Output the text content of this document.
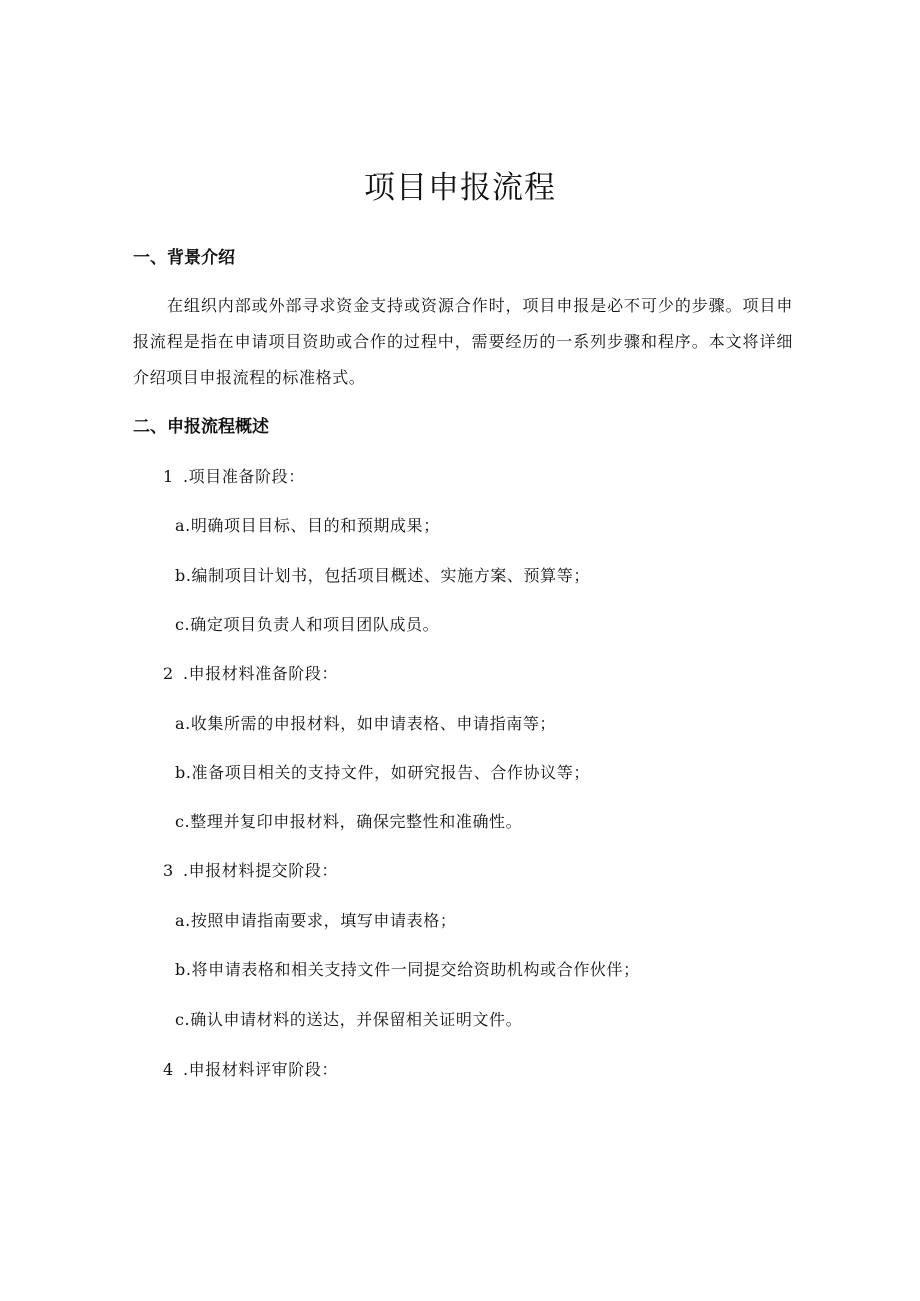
项目申报流程
一、背景介绍

在组织内部或外部寻求资金支持或资源合作时，项目申报是必不可少的步骤。项目申报流程是指在申请项目资助或合作的过程中，需要经历的一系列步骤和程序。本文将详细介绍项目申报流程的标准格式。

二、申报流程概述

1 .项目准备阶段：

a.明确项目目标、目的和预期成果；

b.编制项目计划书，包括项目概述、实施方案、预算等；

c.确定项目负责人和项目团队成员。

2 .申报材料准备阶段：

a.收集所需的申报材料，如申请表格、申请指南等；

b.准备项目相关的支持文件，如研究报告、合作协议等；

c.整理并复印申报材料，确保完整性和准确性。

3 .申报材料提交阶段：

a.按照申请指南要求，填写申请表格；

b.将申请表格和相关支持文件一同提交给资助机构或合作伙伴；

c.确认申请材料的送达，并保留相关证明文件。

4 .申报材料评审阶段：
